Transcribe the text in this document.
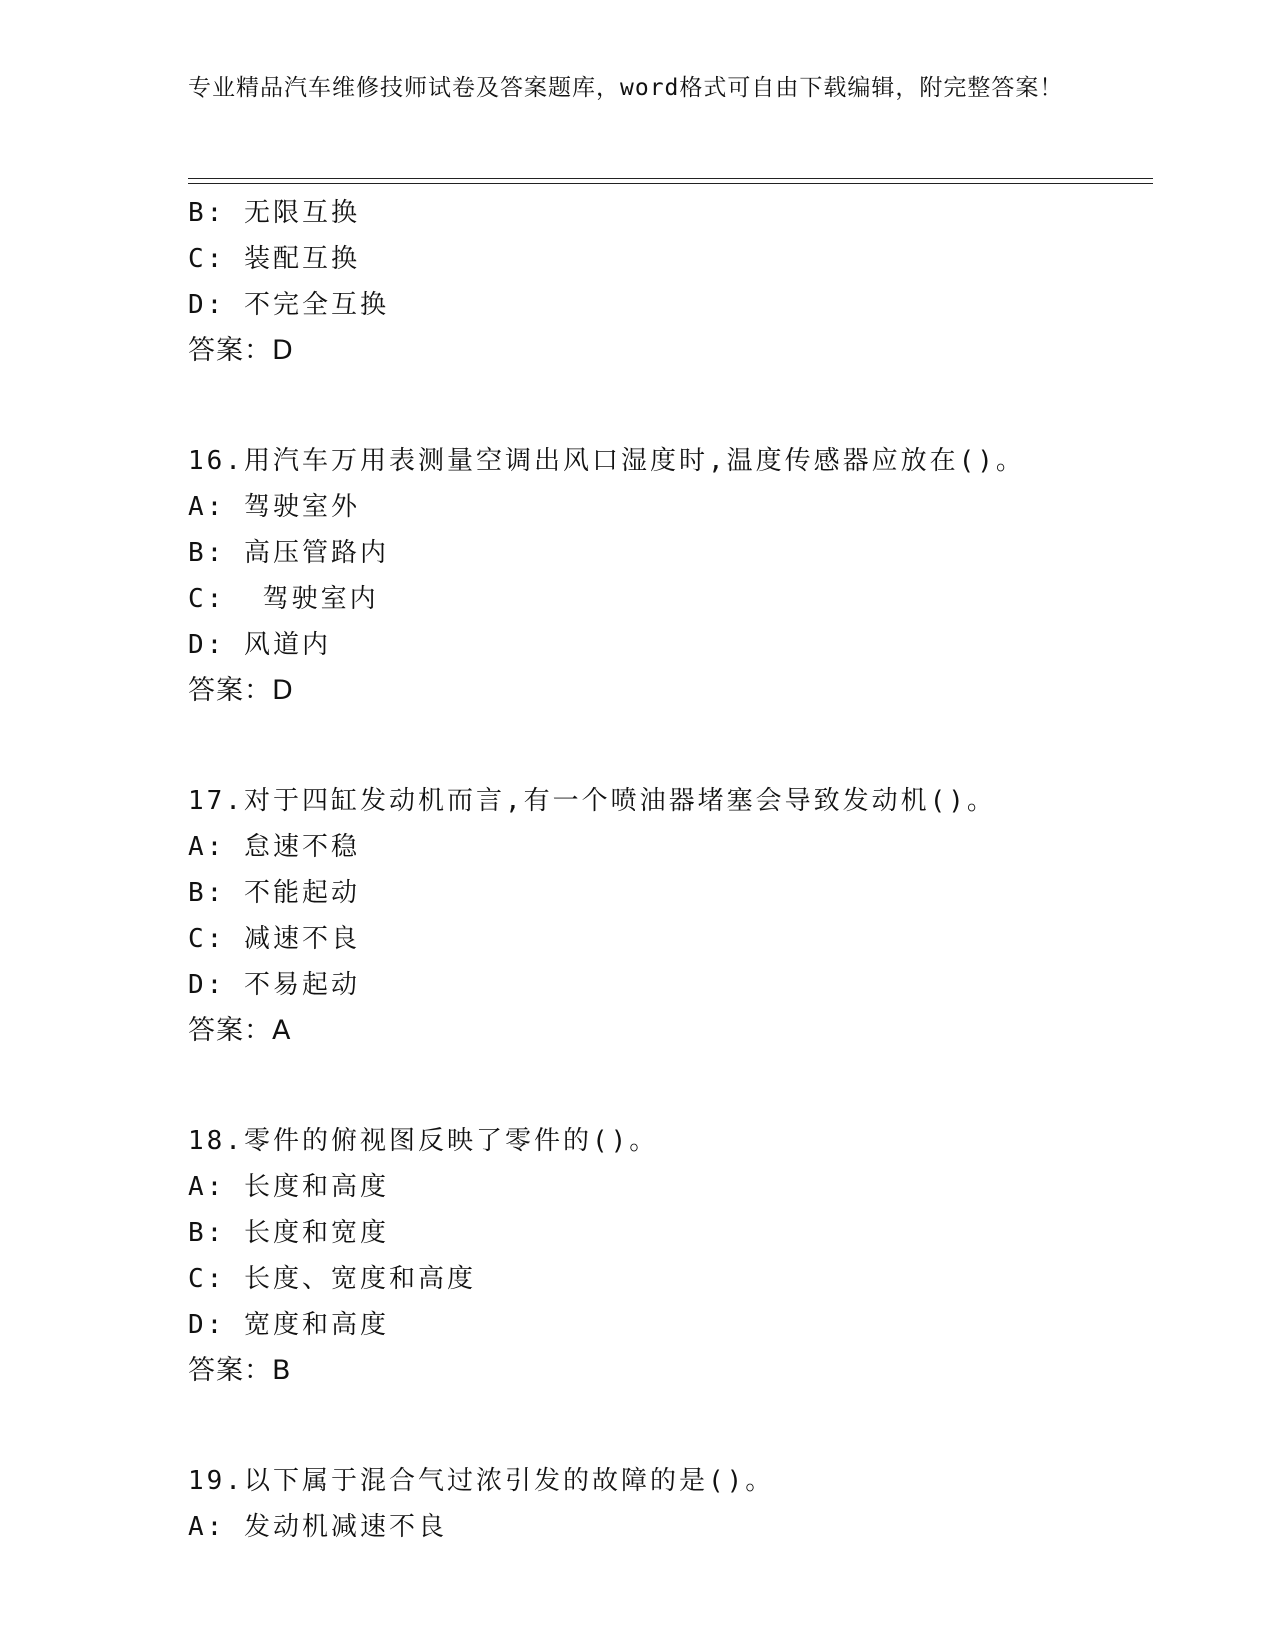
专业精品汽车维修技师试卷及答案题库，word格式可自由下载编辑，附完整答案！
B: 无限互换
C: 装配互换
D: 不完全互换
答案：D
16.用汽车万用表测量空调出风口湿度时,温度传感器应放在()。
A: 驾驶室外
B: 高压管路内
C:  驾驶室内
D: 风道内
答案：D
17.对于四缸发动机而言,有一个喷油器堵塞会导致发动机()。
A: 怠速不稳
B: 不能起动
C: 减速不良
D: 不易起动
答案：A
18.零件的俯视图反映了零件的()。
A: 长度和高度
B: 长度和宽度
C: 长度、宽度和高度
D: 宽度和高度
答案：B
19.以下属于混合气过浓引发的故障的是()。
A: 发动机减速不良
